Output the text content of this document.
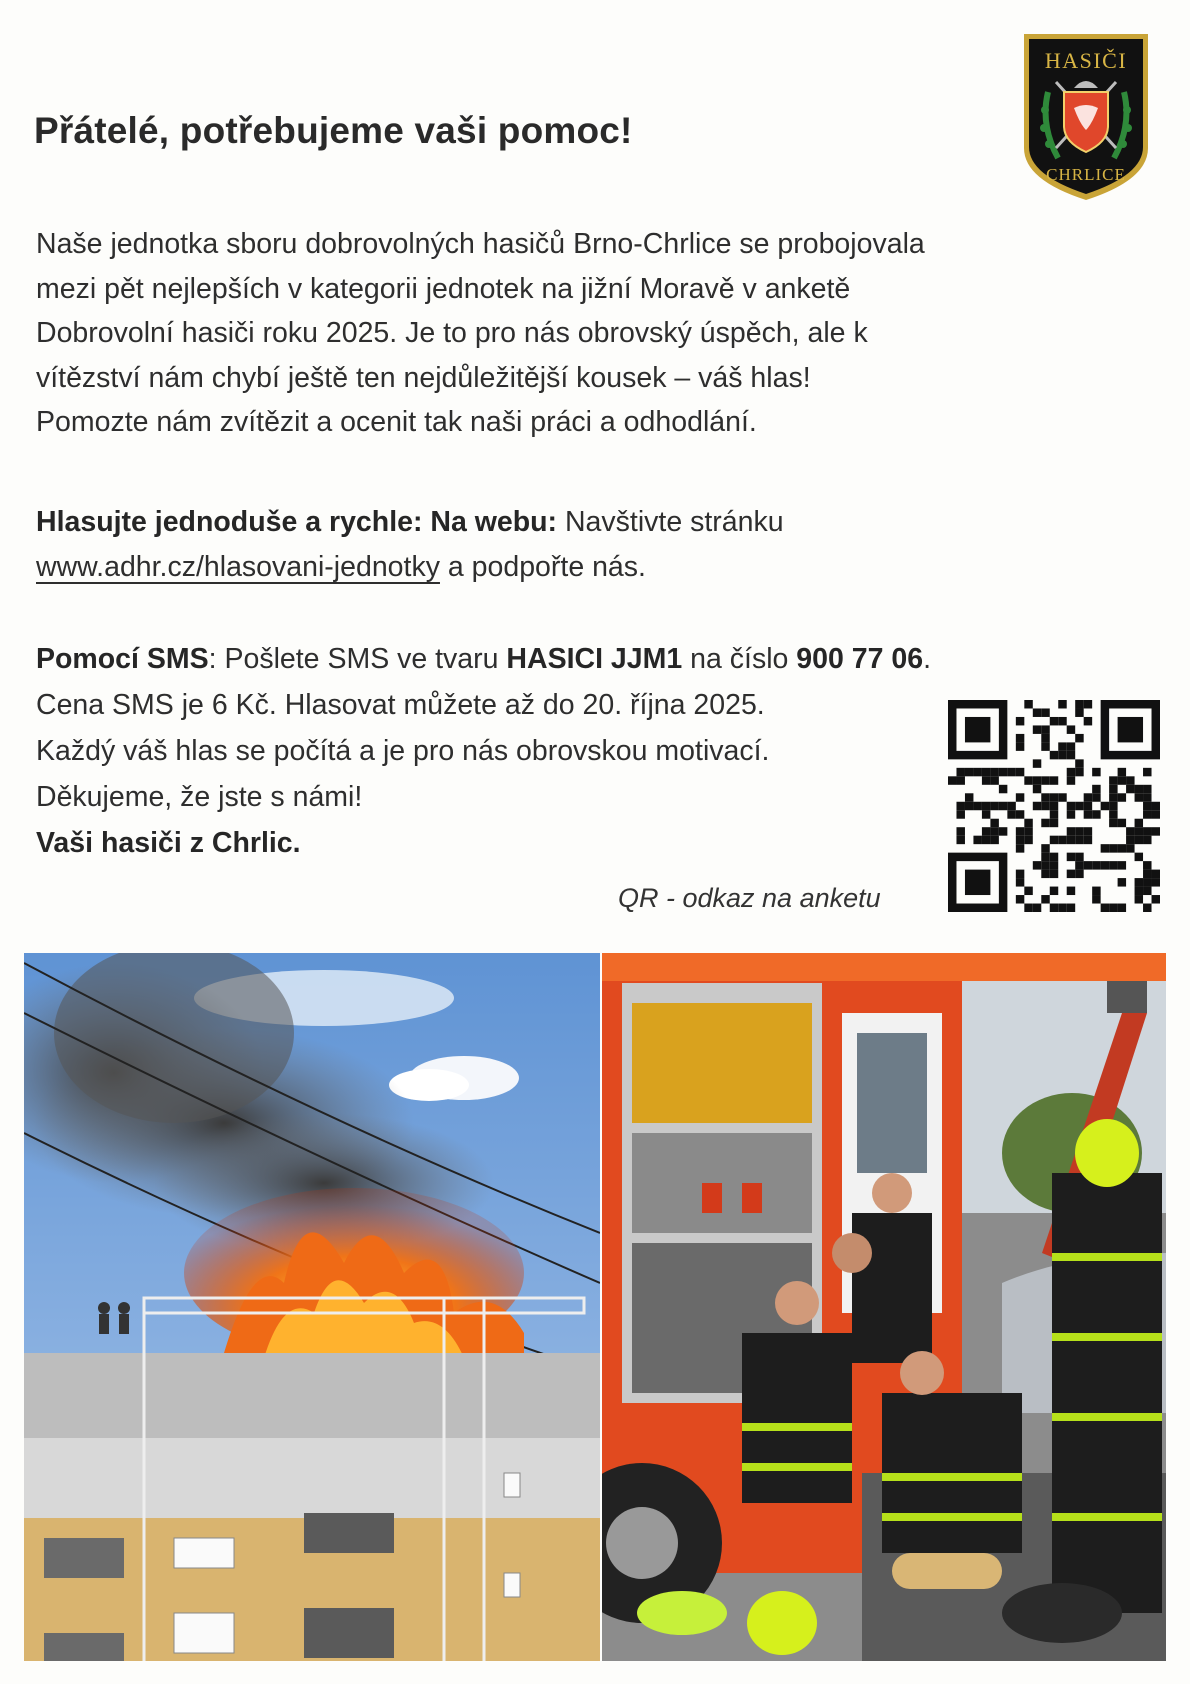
Přátelé, potřebujeme vaši pomoc!
HASIČI
CHRLICE

Naše jednotka sboru dobrovolných hasičů Brno-Chrlice se probojovala
mezi pět nejlepších v kategorii jednotek na jižní Moravě v anketě
Dobrovolní hasiči roku 2025. Je to pro nás obrovský úspěch, ale k
vítězství nám chybí ještě ten nejdůležitější kousek – váš hlas!
Pomozte nám zvítězit a ocenit tak naši práci a odhodlání.

Hlasujte jednoduše a rychle: Na webu: Navštivte stránku
www.adhr.cz/hlasovani-jednotky a podpořte nás.

Pomocí SMS: Pošlete SMS ve tvaru HASICI JJM1 na číslo 900 77 06.
Cena SMS je 6 Kč. Hlasovat můžete až do 20. října 2025.
Každý váš hlas se počítá a je pro nás obrovskou motivací.
Děkujeme, že jste s námi!
Vaši hasiči z Chrlic.

QR - odkaz na anketu
